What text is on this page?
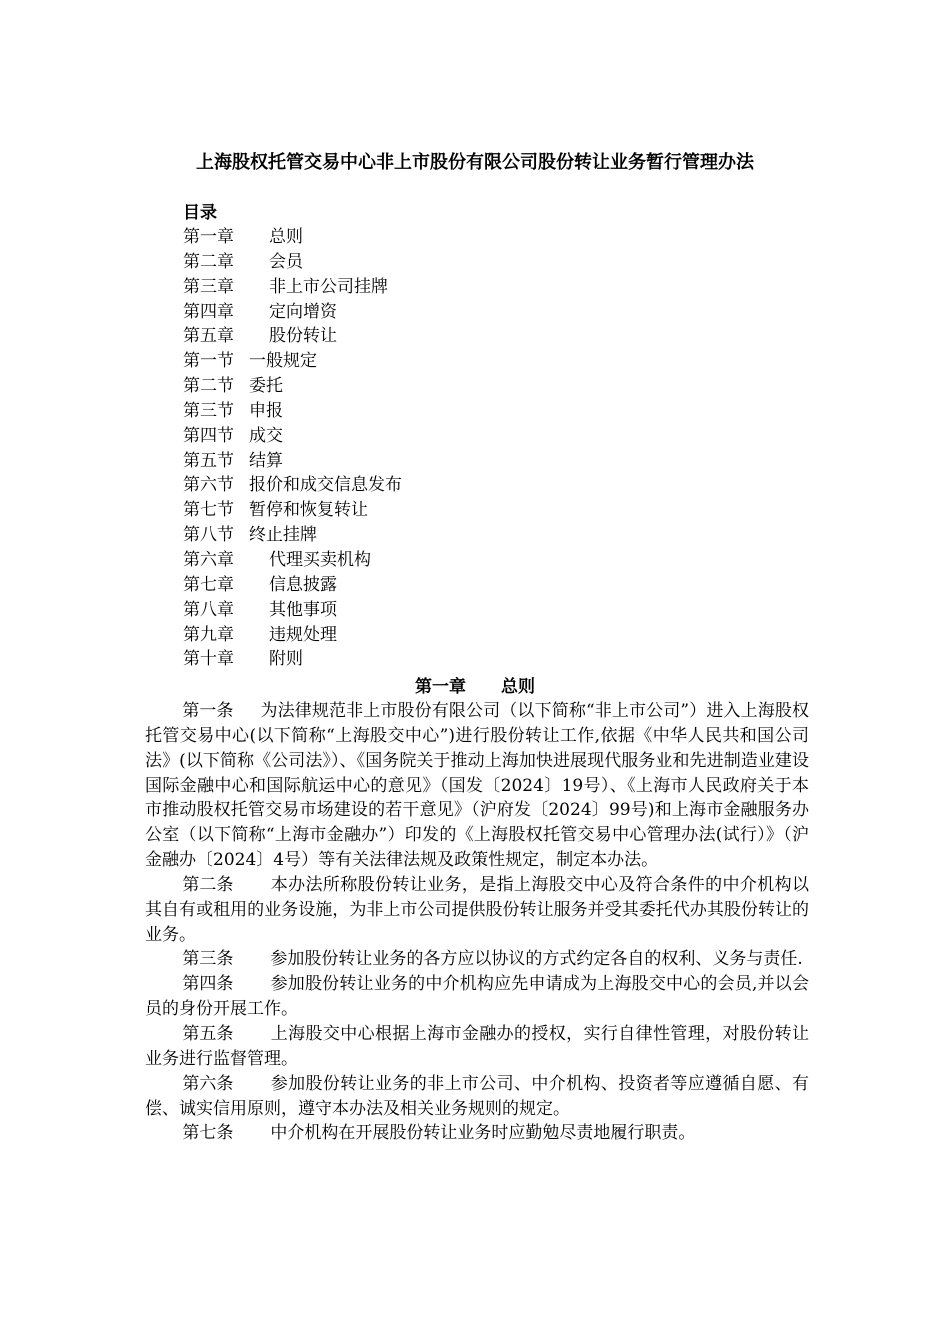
上海股权托管交易中心非上市股份有限公司股份转让业务暂行管理办法
目录
第一章 总则
第二章 会员
第三章 非上市公司挂牌
第四章 定向增资
第五章 股份转让
第一节 一般规定
第二节 委托
第三节 申报
第四节 成交
第五节 结算
第六节 报价和成交信息发布
第七节 暂停和恢复转让
第八节 终止挂牌
第六章 代理买卖机构
第七章 信息披露
第八章 其他事项
第九章 违规处理
第十章 附则
第一章 总则

第一条 为法律规范非上市股份有限公司（以下简称“非上市公司”）进入上海股权托管交易中心(以下简称“上海股交中心”)进行股份转让工作,依据《中华人民共和国公司法》(以下简称《公司法》）、《国务院关于推动上海加快进展现代服务业和先进制造业建设国际金融中心和国际航运中心的意见》（国发〔2024〕19号）、《上海市人民政府关于本市推动股权托管交易市场建设的若干意见》（沪府发〔2024〕99号)和上海市金融服务办公室（以下简称“上海市金融办”）印发的《上海股权托管交易中心管理办法(试行）》（沪金融办〔2024〕4号）等有关法律法规及政策性规定，制定本办法。

第二条 本办法所称股份转让业务，是指上海股交中心及符合条件的中介机构以其自有或租用的业务设施，为非上市公司提供股份转让服务并受其委托代办其股份转让的业务。

第三条 参加股份转让业务的各方应以协议的方式约定各自的权利、义务与责任.

第四条 参加股份转让业务的中介机构应先申请成为上海股交中心的会员,并以会员的身份开展工作。

第五条 上海股交中心根据上海市金融办的授权，实行自律性管理，对股份转让业务进行监督管理。

第六条 参加股份转让业务的非上市公司、中介机构、投资者等应遵循自愿、有偿、诚实信用原则，遵守本办法及相关业务规则的规定。

第七条 中介机构在开展股份转让业务时应勤勉尽责地履行职责。
